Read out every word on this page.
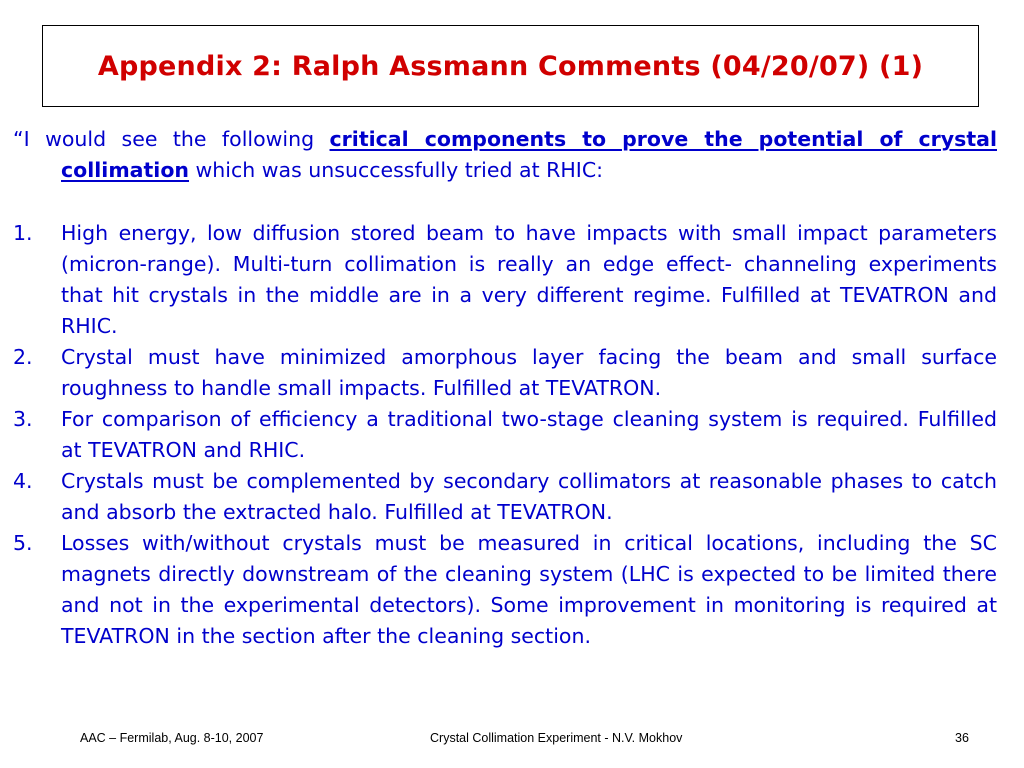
Appendix 2: Ralph Assmann Comments (04/20/07) (1)

“I would see the following critical components to prove the potential of crystal collimation which was unsuccessfully tried at RHIC:

1. High energy, low diffusion stored beam to have impacts with small impact parameters (micron-range). Multi-turn collimation is really an edge effect- channeling experiments that hit crystals in the middle are in a very different regime. Fulfilled at TEVATRON and RHIC.
2. Crystal must have minimized amorphous layer facing the beam and small surface roughness to handle small impacts. Fulfilled at TEVATRON.
3. For comparison of efficiency a traditional two-stage cleaning system is required. Fulfilled at TEVATRON and RHIC.
4. Crystals must be complemented by secondary collimators at reasonable phases to catch and absorb the extracted halo. Fulfilled at TEVATRON.
5. Losses with/without crystals must be measured in critical locations, including the SC magnets directly downstream of the cleaning system (LHC is expected to be limited there and not in the experimental detectors). Some improvement in monitoring is required at TEVATRON in the section after the cleaning section.
AAC – Fermilab, Aug. 8-10, 2007	Crystal Collimation Experiment - N.V. Mokhov	36
